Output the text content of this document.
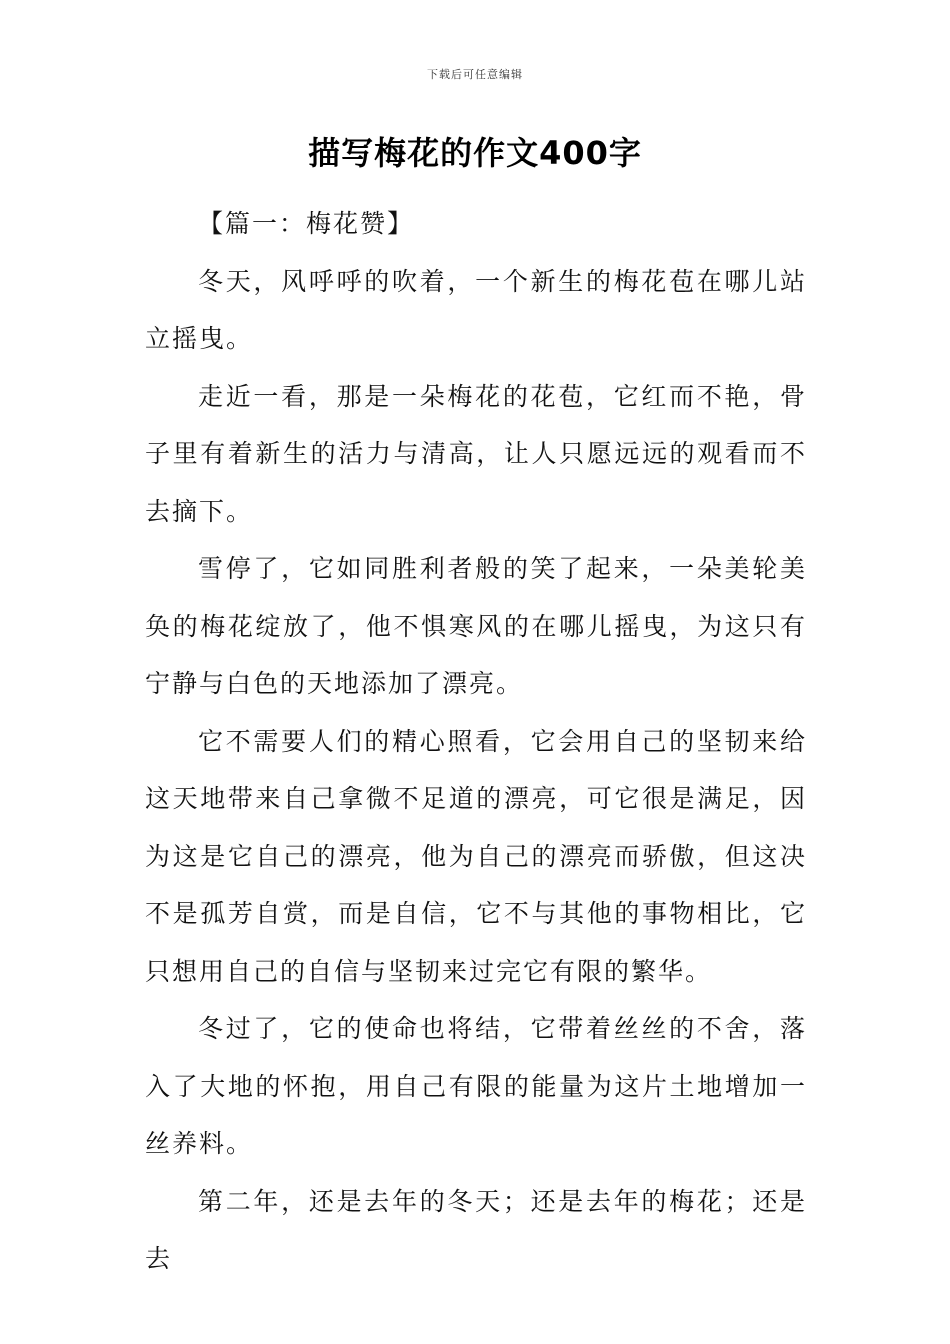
下载后可任意编辑
描写梅花的作文400字

【篇一：梅花赞】

冬天，风呼呼的吹着，一个新生的梅花苞在哪儿站立摇曳。

走近一看，那是一朵梅花的花苞，它红而不艳，骨子里有着新生的活力与清高，让人只愿远远的观看而不去摘下。

雪停了，它如同胜利者般的笑了起来，一朵美轮美奂的梅花绽放了，他不惧寒风的在哪儿摇曳，为这只有宁静与白色的天地添加了漂亮。

它不需要人们的精心照看，它会用自己的坚韧来给这天地带来自己拿微不足道的漂亮，可它很是满足，因为这是它自己的漂亮，他为自己的漂亮而骄傲，但这决不是孤芳自赏，而是自信，它不与其他的事物相比，它只想用自己的自信与坚韧来过完它有限的繁华。

冬过了，它的使命也将结，它带着丝丝的不舍，落入了大地的怀抱，用自己有限的能量为这片土地增加一丝养料。

第二年，还是去年的冬天；还是去年的梅花；还是去
